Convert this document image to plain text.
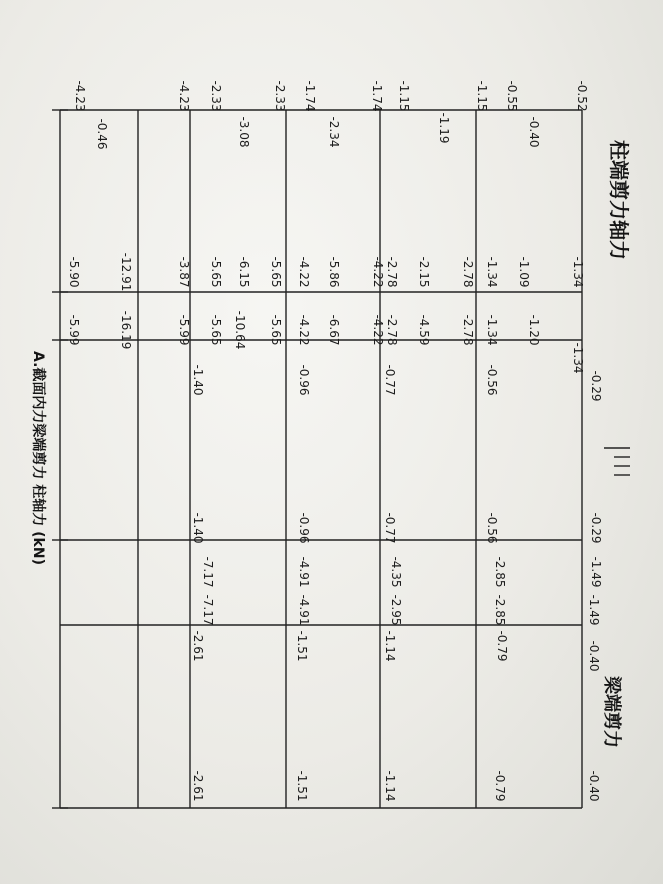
柱端剪力轴力
梁端剪力
A.截面内力梁端剪力 柱轴力 (kN)
-0.52
-0.55
-1.15
-1.15
-1.74
-1.74
-2.33
-2.33
-4.23
-4.23
-0.40
-1.19
-2.34
-3.08
-0.46
-1.34
-1.09
-1.34
-2.78
-2.15
-2.78
-4.22
-5.86
-4.22
-5.65
-6.15
-5.65
-3.87
-12.91
-5.90
-1.34
-1.20
-1.34
-2.78
-4.59
-2.78
-4.22
-6.67
-4.22
-5.65
-10.64
-5.65
-5.99
-16.19
-5.99
-0.29
-0.56
-0.77
-0.96
-1.40
-0.29
-0.56
-0.77
-0.96
-1.40
-1.49
-2.85
-4.35
-4.91
-7.17
-1.49
-2.85
-2.95
-4.91
-7.17
-0.40
-0.79
-1.14
-1.51
-2.61
-0.40
-0.79
-1.14
-1.51
-2.61
